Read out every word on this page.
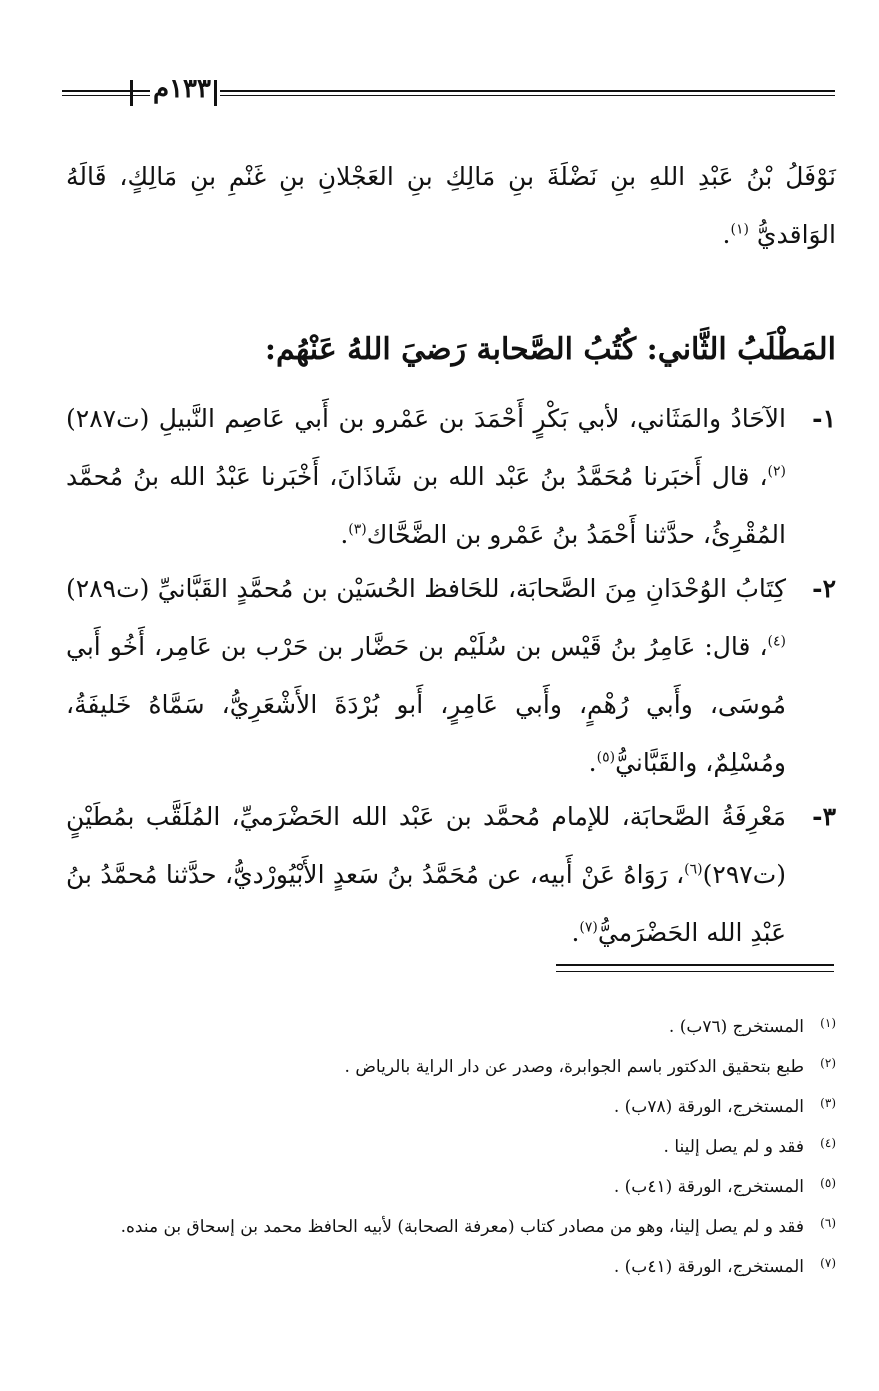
١٣٣م
نَوْفَلُ بْنُ عَبْدِ اللهِ بنِ نَضْلَةَ بنِ مَالِكِ بنِ العَجْلانِ بنِ غَنْمِ بنِ مَالِكٍ، قَالَهُ الوَاقديُّ $^{(١)}$.
المَطْلَبُ الثَّاني: كُتُبُ الصَّحابة رَضيَ اللهُ عَنْهُم:
١-
الآحَادُ والمَثَاني، لأبي بَكْرٍ أَحْمَدَ بن عَمْرو بن أَبي عَاصِم النَّبيلِ (ت٢٨٧)$^{(٢)}$، قال أَخبَرنا مُحَمَّدُ بنُ عَبْد الله بن شَاذَانَ، أَخْبَرنا عَبْدُ الله بنُ مُحمَّد المُقْرِئُ، حدَّثنا أَحْمَدُ بنُ عَمْرو بن الضَّحَّاك$^{(٣)}$.
٢-
كِتَابُ الوُحْدَانِ مِنَ الصَّحابَة، للحَافظ الحُسَيْن بن مُحمَّدٍ القَبَّانيِّ (ت٢٨٩)$^{(٤)}$، قال: عَامِرُ بنُ قَيْس بن سُلَيْم بن حَضَّار بن حَرْب بن عَامِر، أَخُو أَبي مُوسَى، وأَبي رُهْمٍ، وأَبي عَامِرٍ، أَبو بُرْدَةَ الأَشْعَرِيُّ، سَمَّاهُ خَليفَةُ، ومُسْلِمٌ، والقَبَّانيُّ$^{(٥)}$.
٣-
مَعْرِفَةُ الصَّحابَة، للإمام مُحمَّد بن عَبْد الله الحَضْرَميِّ، المُلَقَّب بمُطَيْنٍ (ت٢٩٧)$^{(٦)}$، رَوَاهُ عَنْ أَبيه، عن مُحَمَّدُ بنُ سَعدٍ الأَبْيُورْديُّ، حدَّثنا مُحمَّدُ بنُ عَبْدِ الله الحَضْرَميُّ$^{(٧)}$.
(١)
المستخرج (٧٦ب) .
(٢)
طبع بتحقيق الدكتور باسم الجوابرة، وصدر عن دار الراية بالرياض .
(٣)
المستخرج، الورقة (٧٨ب) .
(٤)
فقد و لم يصل إلينا .
(٥)
المستخرج، الورقة (٤١ب) .
(٦)
فقد و لم يصل إلينا، وهو من مصادر كتاب (معرفة الصحابة) لأبيه الحافظ محمد بن إسحاق بن منده.
(٧)
المستخرج، الورقة (٤١ب) .
